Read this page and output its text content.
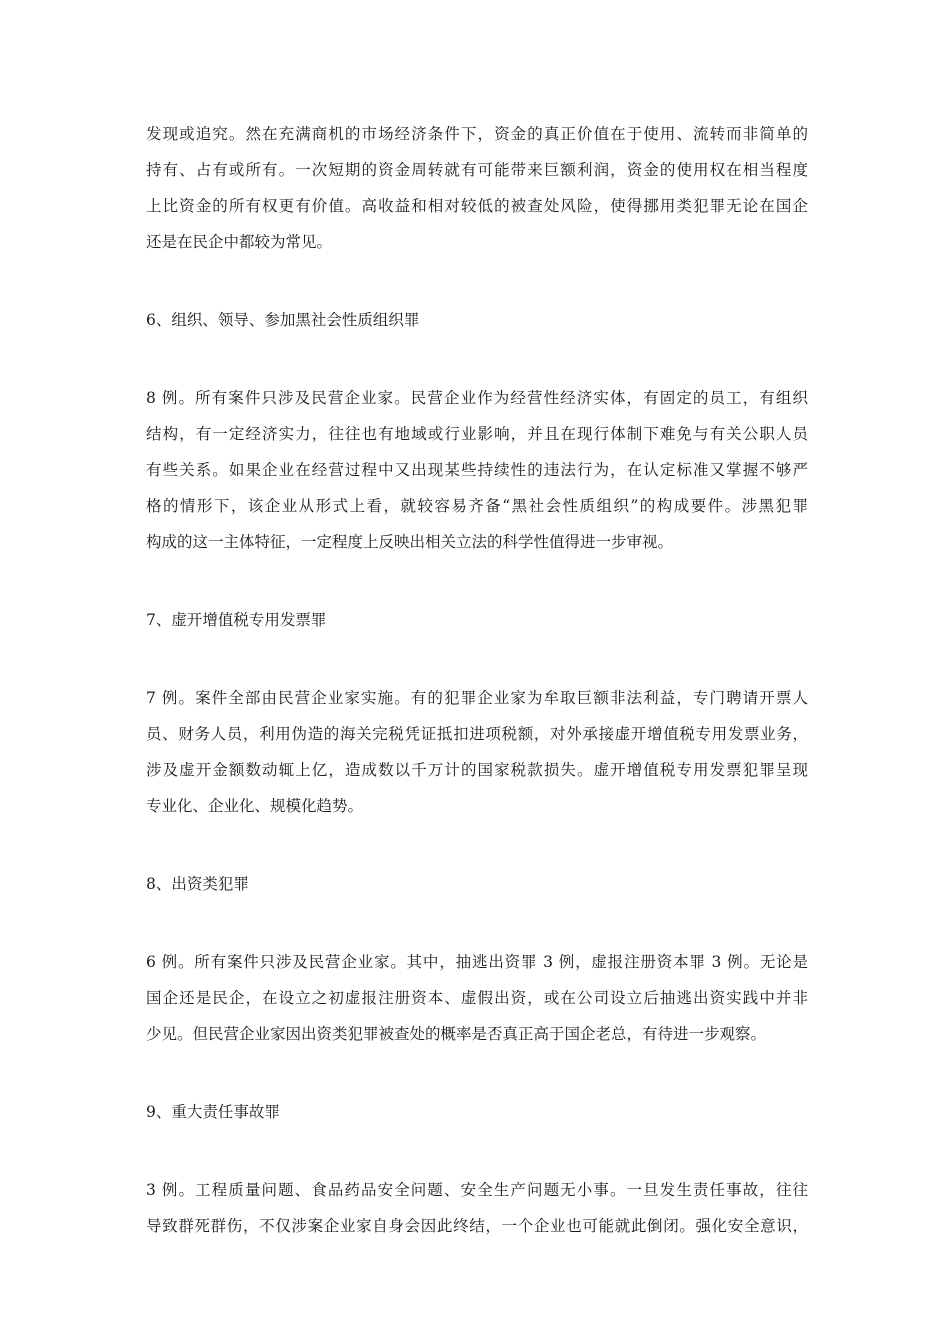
发现或追究。然在充满商机的市场经济条件下，资金的真正价值在于使用、流转而非简单的
持有、占有或所有。一次短期的资金周转就有可能带来巨额利润，资金的使用权在相当程度
上比资金的所有权更有价值。高收益和相对较低的被查处风险，使得挪用类犯罪无论在国企
还是在民企中都较为常见。

6、组织、领导、参加黑社会性质组织罪

8 例。所有案件只涉及民营企业家。民营企业作为经营性经济实体，有固定的员工，有组织
结构，有一定经济实力，往往也有地域或行业影响，并且在现行体制下难免与有关公职人员
有些关系。如果企业在经营过程中又出现某些持续性的违法行为，在认定标准又掌握不够严
格的情形下，该企业从形式上看，就较容易齐备“黑社会性质组织”的构成要件。涉黑犯罪
构成的这一主体特征，一定程度上反映出相关立法的科学性值得进一步审视。

7、虚开增值税专用发票罪

7 例。案件全部由民营企业家实施。有的犯罪企业家为牟取巨额非法利益，专门聘请开票人
员、财务人员，利用伪造的海关完税凭证抵扣进项税额，对外承接虚开增值税专用发票业务，
涉及虚开金额数动辄上亿，造成数以千万计的国家税款损失。虚开增值税专用发票犯罪呈现
专业化、企业化、规模化趋势。

8、出资类犯罪

6 例。所有案件只涉及民营企业家。其中，抽逃出资罪 3 例，虚报注册资本罪 3 例。无论是
国企还是民企，在设立之初虚报注册资本、虚假出资，或在公司设立后抽逃出资实践中并非
少见。但民营企业家因出资类犯罪被查处的概率是否真正高于国企老总，有待进一步观察。

9、重大责任事故罪

3 例。工程质量问题、食品药品安全问题、安全生产问题无小事。一旦发生责任事故，往往
导致群死群伤，不仅涉案企业家自身会因此终结，一个企业也可能就此倒闭。强化安全意识，
